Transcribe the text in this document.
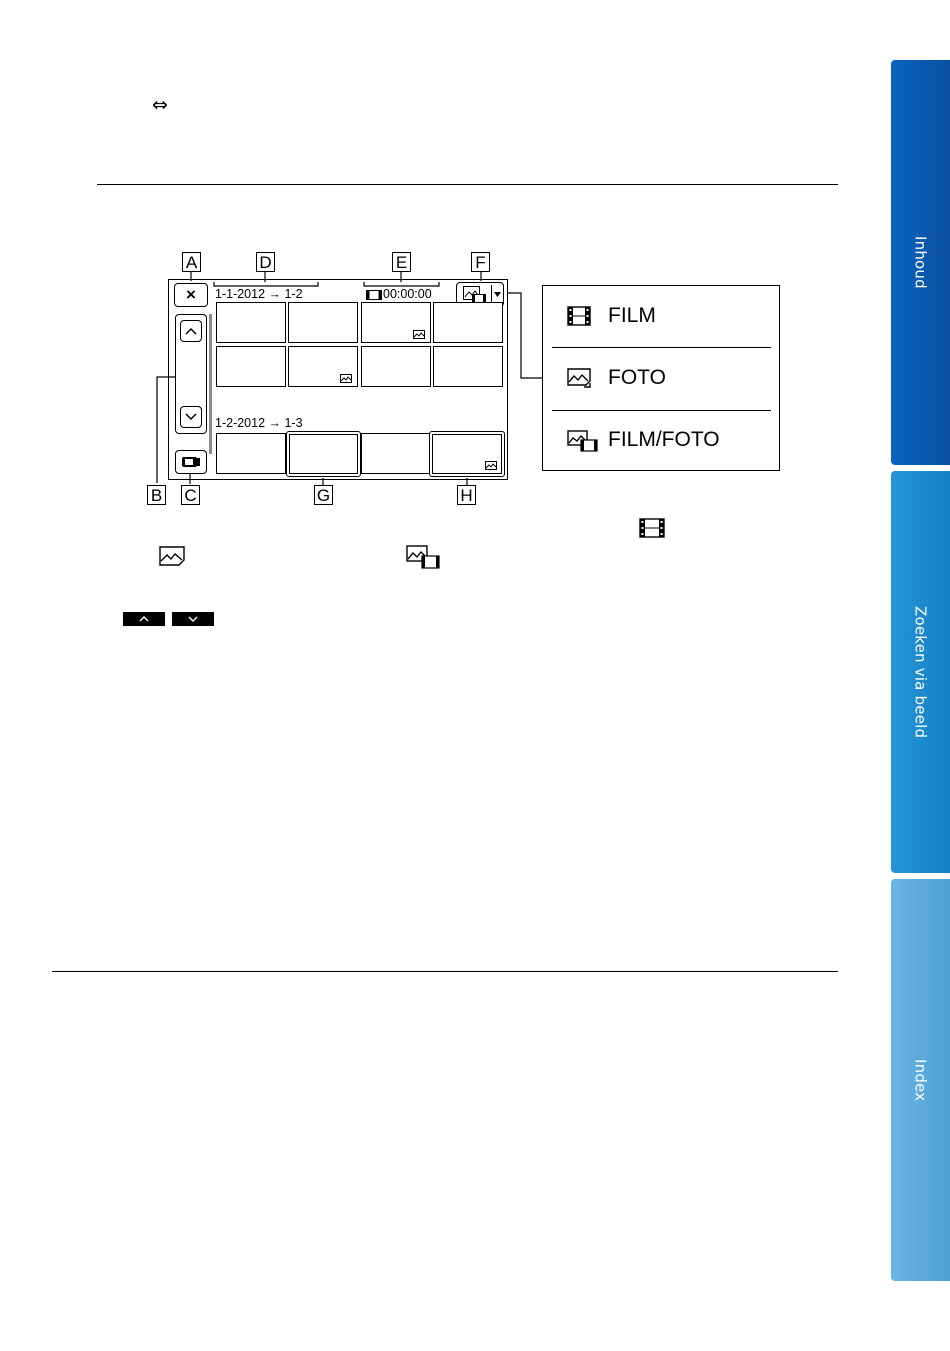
⇔
Inhoud
Zoeken via beeld
Index
A	D	E	F
B C	G	H
×	1-1-2012 → 1-2	00:00:00
1-2-2012 → 1-3
FILM
FOTO
FILM/FOTO
